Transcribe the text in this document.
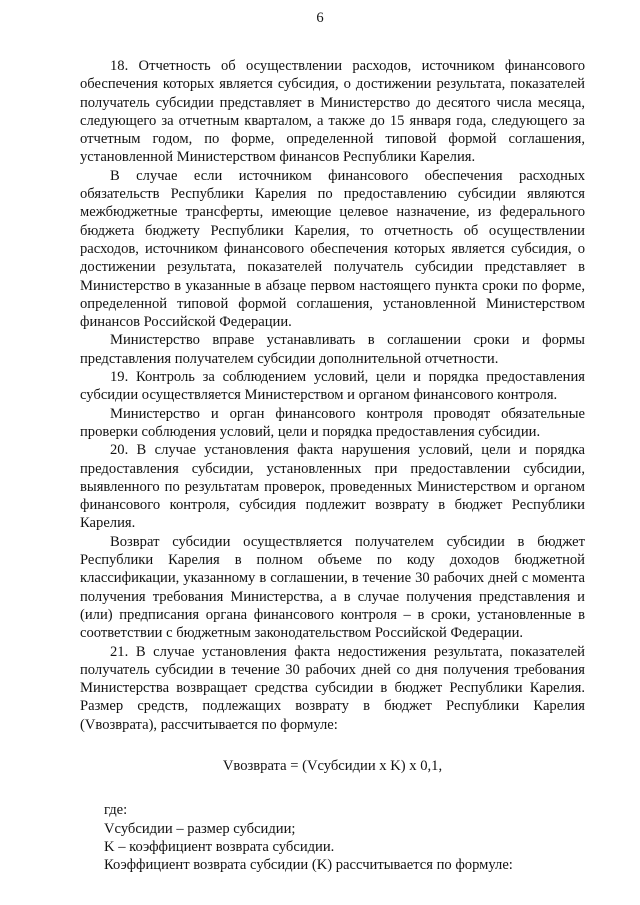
6

18. Отчетность об осуществлении расходов, источником финансового обеспечения которых является субсидия, о достижении результата, показателей получатель субсидии представляет в Министерство до десятого числа месяца, следующего за отчетным кварталом, а также до 15 января года, следующего за отчетным годом, по форме, определенной типовой формой соглашения, установленной Министерством финансов Республики Карелия.

В случае если источником финансового обеспечения расходных обязательств Республики Карелия по предоставлению субсидии являются межбюджетные трансферты, имеющие целевое назначение, из федерального бюджета бюджету Республики Карелия, то отчетность об осуществлении расходов, источником финансового обеспечения которых является субсидия, о достижении результата, показателей получатель субсидии представляет в Министерство в указанные в абзаце первом настоящего пункта сроки по форме, определенной типовой формой соглашения, установленной Министерством финансов Российской Федерации.

Министерство вправе устанавливать в соглашении сроки и формы представления получателем субсидии дополнительной отчетности.

19. Контроль за соблюдением условий, цели и порядка предоставления субсидии осуществляется Министерством и органом финансового контроля.

Министерство и орган финансового контроля проводят обязательные проверки соблюдения условий, цели и порядка предоставления субсидии.

20. В случае установления факта нарушения условий, цели и порядка предоставления субсидии, установленных при предоставлении субсидии, выявленного по результатам проверок, проведенных Министерством и органом финансового контроля, субсидия подлежит возврату в бюджет Республики Карелия.

Возврат субсидии осуществляется получателем субсидии в бюджет Республики Карелия в полном объеме по коду доходов бюджетной классификации, указанному в соглашении, в течение 30 рабочих дней с момента получения требования Министерства, а в случае получения представления и (или) предписания органа финансового контроля – в сроки, установленные в соответствии с бюджетным законодательством Российской Федерации.

21. В случае установления факта недостижения результата, показателей получатель субсидии в течение 30 рабочих дней со дня получения требования Министерства возвращает средства субсидии в бюджет Республики Карелия. Размер средств, подлежащих возврату в бюджет Республики Карелия (Vвозврата), рассчитывается по формуле:

Vвозврата = (Vсубсидии x K) x 0,1,

где:

Vсубсидии – размер субсидии;

K – коэффициент возврата субсидии.

Коэффициент возврата субсидии (K) рассчитывается по формуле:
